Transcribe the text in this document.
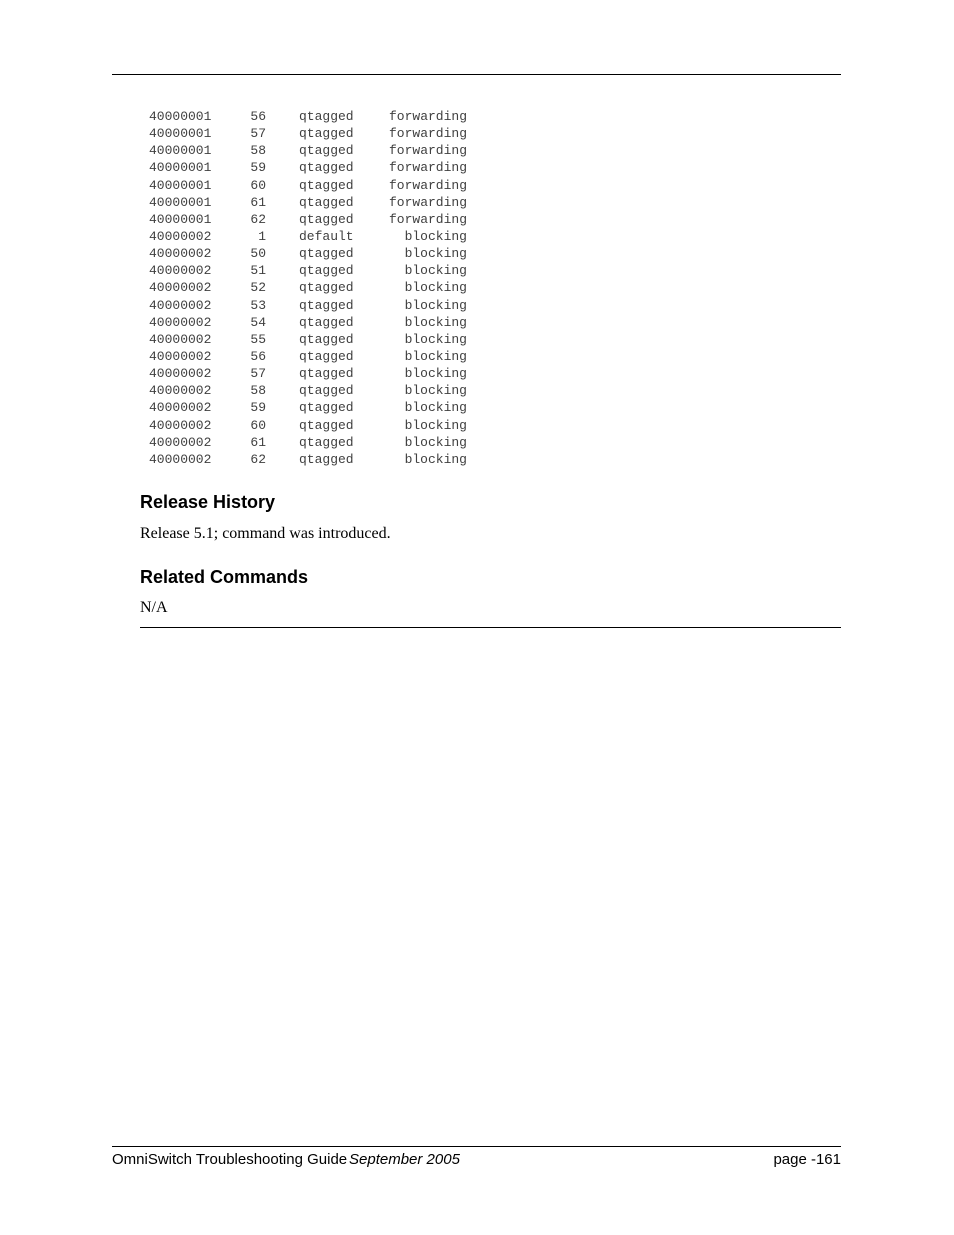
40000001	56	qtagged	forwarding
40000001	57	qtagged	forwarding
40000001	58	qtagged	forwarding
40000001	59	qtagged	forwarding
40000001	60	qtagged	forwarding
40000001	61	qtagged	forwarding
40000001	62	qtagged	forwarding
40000002	1	default	blocking
40000002	50	qtagged	blocking
40000002	51	qtagged	blocking
40000002	52	qtagged	blocking
40000002	53	qtagged	blocking
40000002	54	qtagged	blocking
40000002	55	qtagged	blocking
40000002	56	qtagged	blocking
40000002	57	qtagged	blocking
40000002	58	qtagged	blocking
40000002	59	qtagged	blocking
40000002	60	qtagged	blocking
40000002	61	qtagged	blocking
40000002	62	qtagged	blocking
Release History

Release 5.1; command was introduced.

Related Commands

N/A

OmniSwitch Troubleshooting Guide September 2005	page -161
